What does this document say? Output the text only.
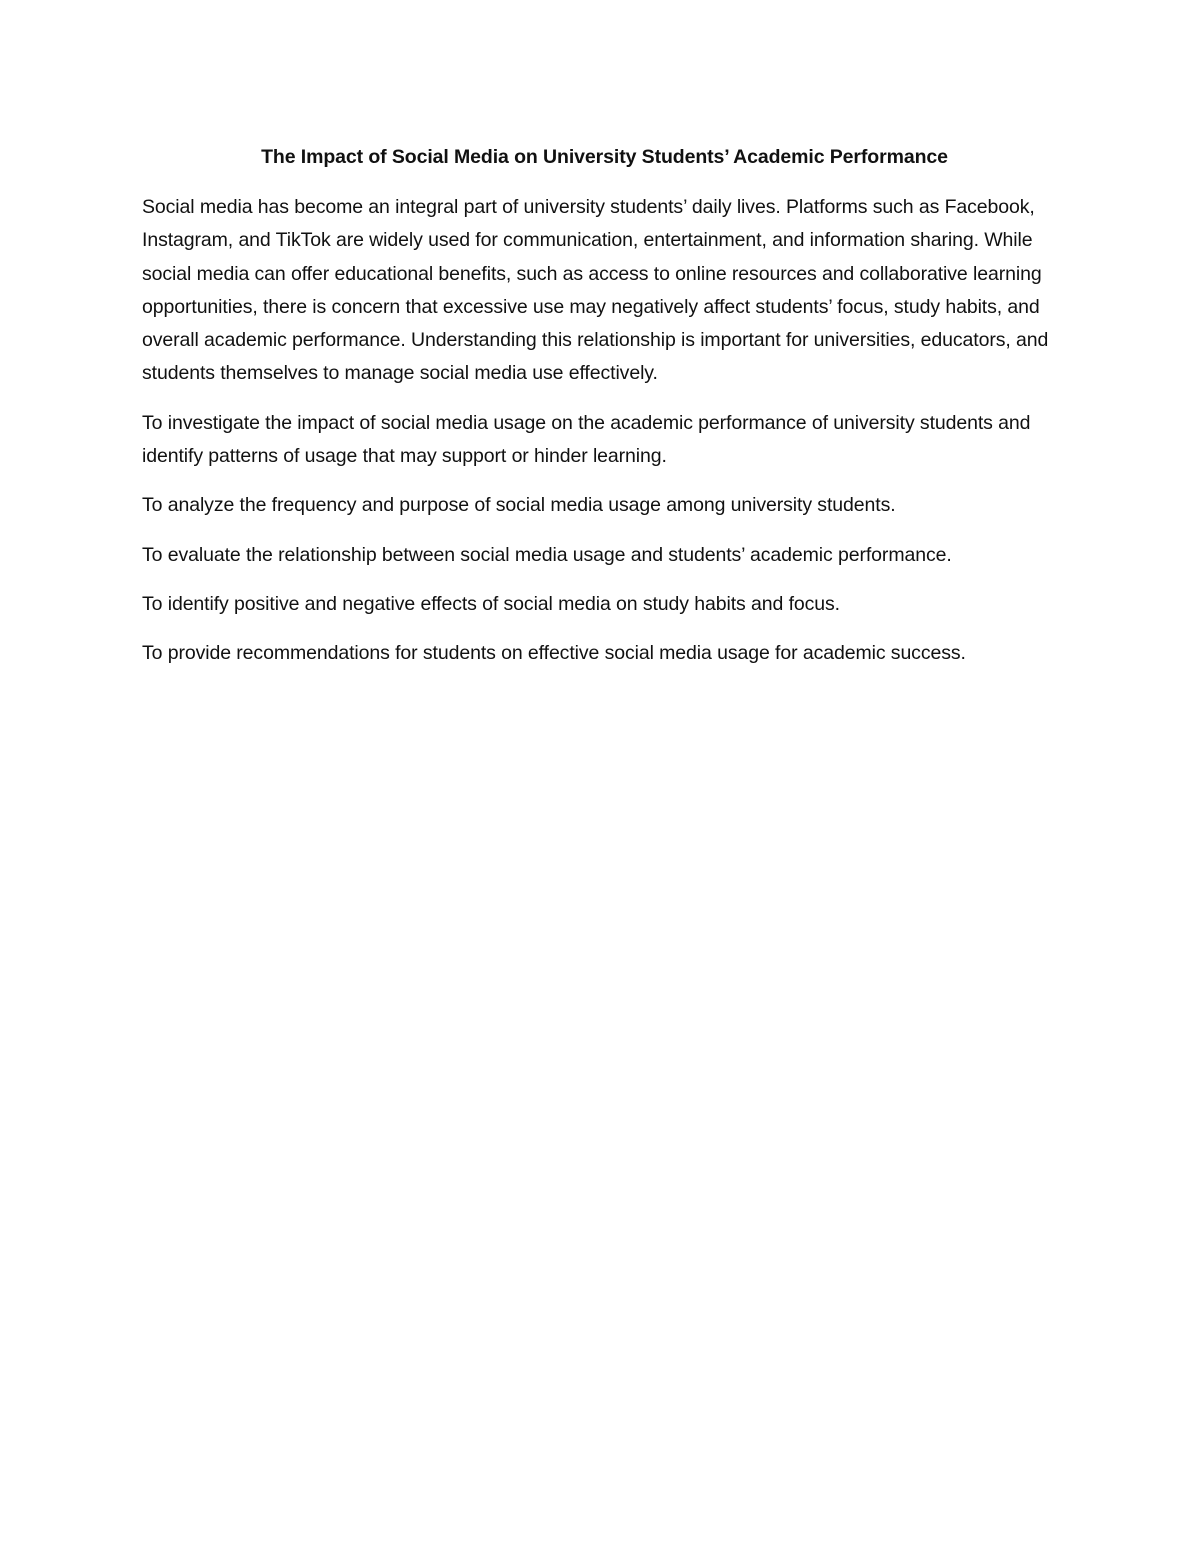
The Impact of Social Media on University Students’ Academic Performance

Social media has become an integral part of university students’ daily lives. Platforms such as Facebook, Instagram, and TikTok are widely used for communication, entertainment, and information sharing. While social media can offer educational benefits, such as access to online resources and collaborative learning opportunities, there is concern that excessive use may negatively affect students’ focus, study habits, and overall academic performance. Understanding this relationship is important for universities, educators, and students themselves to manage social media use effectively.

To investigate the impact of social media usage on the academic performance of university students and identify patterns of usage that may support or hinder learning.

To analyze the frequency and purpose of social media usage among university students.

To evaluate the relationship between social media usage and students’ academic performance.

To identify positive and negative effects of social media on study habits and focus.

To provide recommendations for students on effective social media usage for academic success.
